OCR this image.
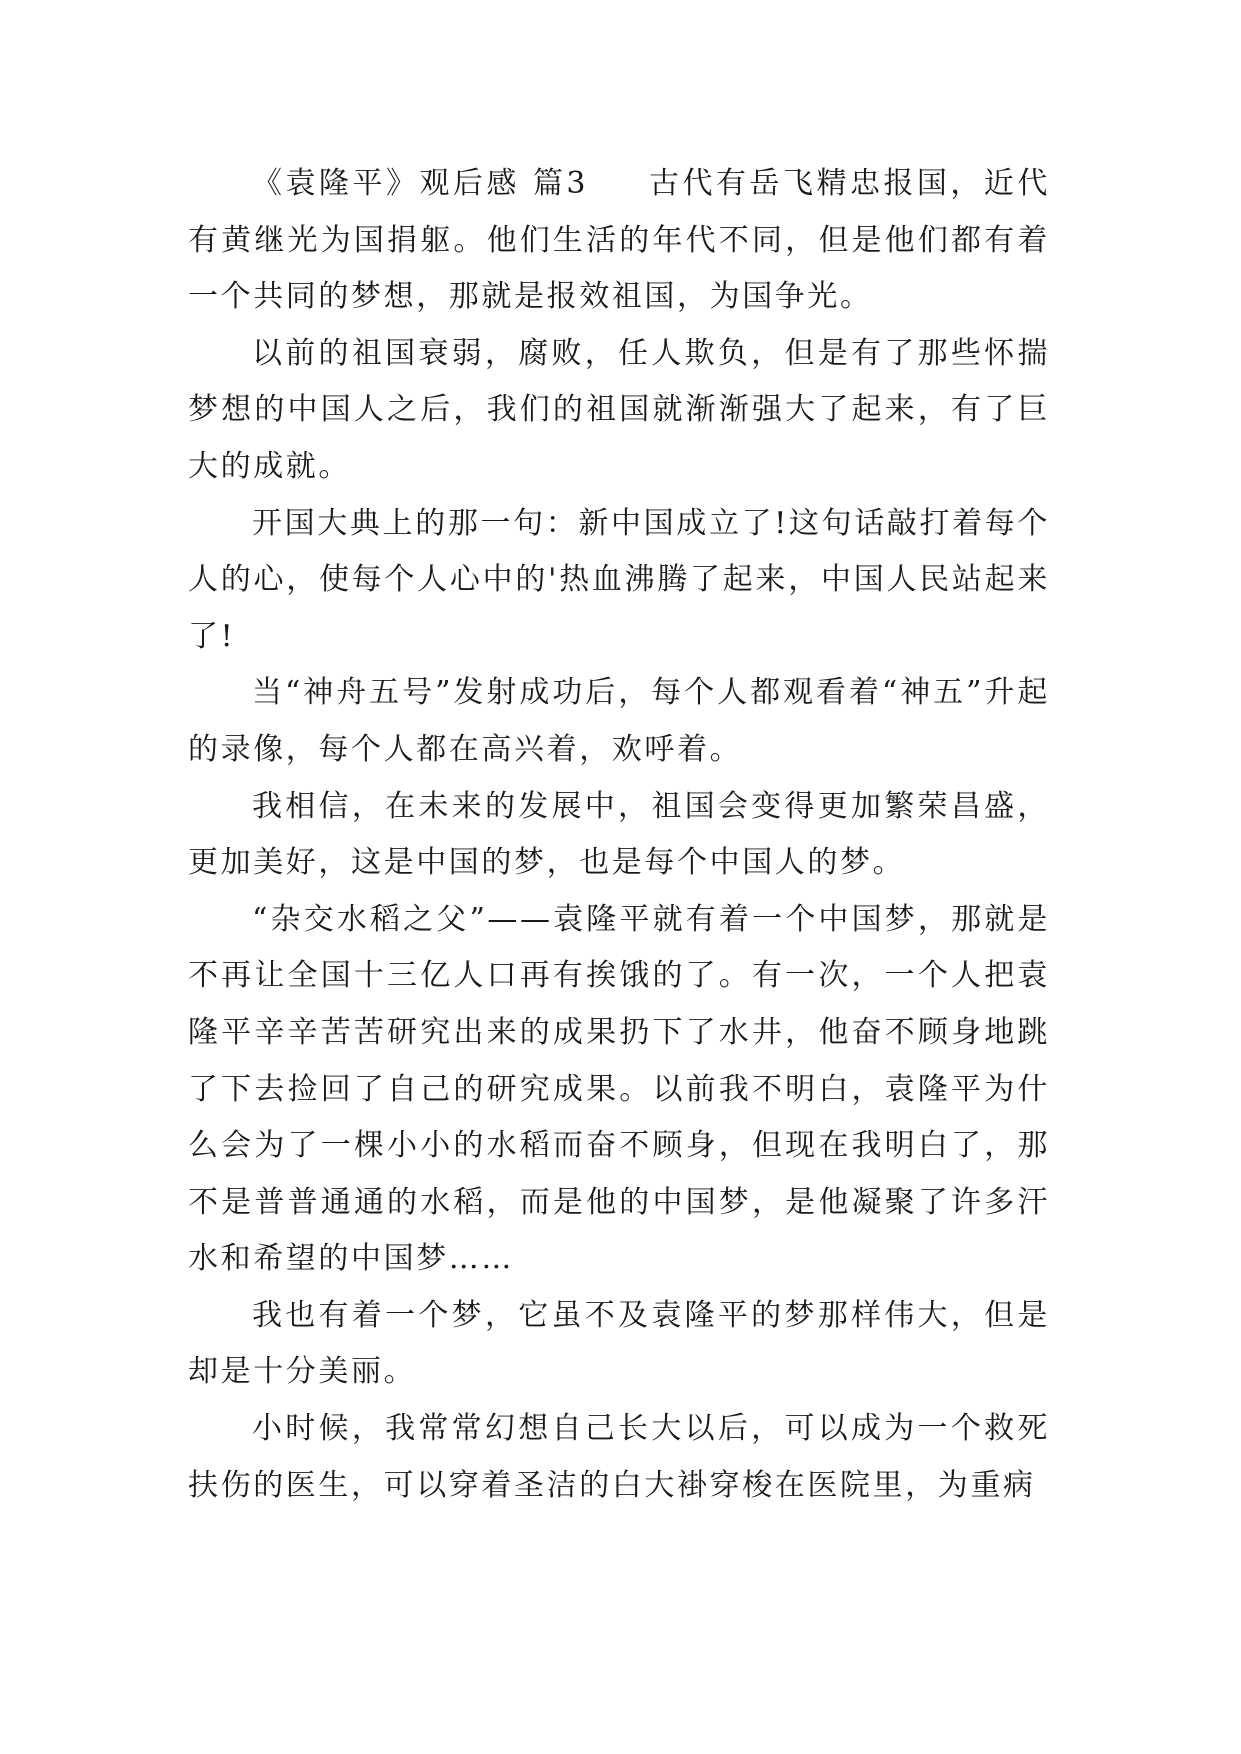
《袁隆平》观后感 篇3 古代有岳飞精忠报国，近代有黄继光为国捐躯。他们生活的年代不同，但是他们都有着一个共同的梦想，那就是报效祖国，为国争光。

以前的祖国衰弱，腐败，任人欺负，但是有了那些怀揣梦想的中国人之后，我们的祖国就渐渐强大了起来，有了巨大的成就。

开国大典上的那一句：新中国成立了!这句话敲打着每个人的心，使每个人心中的'热血沸腾了起来，中国人民站起来了!

当“神舟五号”发射成功后，每个人都观看着“神五”升起的录像，每个人都在高兴着，欢呼着。

我相信，在未来的发展中，祖国会变得更加繁荣昌盛，更加美好，这是中国的梦，也是每个中国人的梦。

“杂交水稻之父”——袁隆平就有着一个中国梦，那就是不再让全国十三亿人口再有挨饿的了。有一次，一个人把袁隆平辛辛苦苦研究出来的成果扔下了水井，他奋不顾身地跳了下去捡回了自己的研究成果。以前我不明白，袁隆平为什么会为了一棵小小的水稻而奋不顾身，但现在我明白了，那不是普普通通的水稻，而是他的中国梦，是他凝聚了许多汗水和希望的中国梦……

我也有着一个梦，它虽不及袁隆平的梦那样伟大，但是却是十分美丽。

小时候，我常常幻想自己长大以后，可以成为一个救死扶伤的医生，可以穿着圣洁的白大褂穿梭在医院里，为重病
